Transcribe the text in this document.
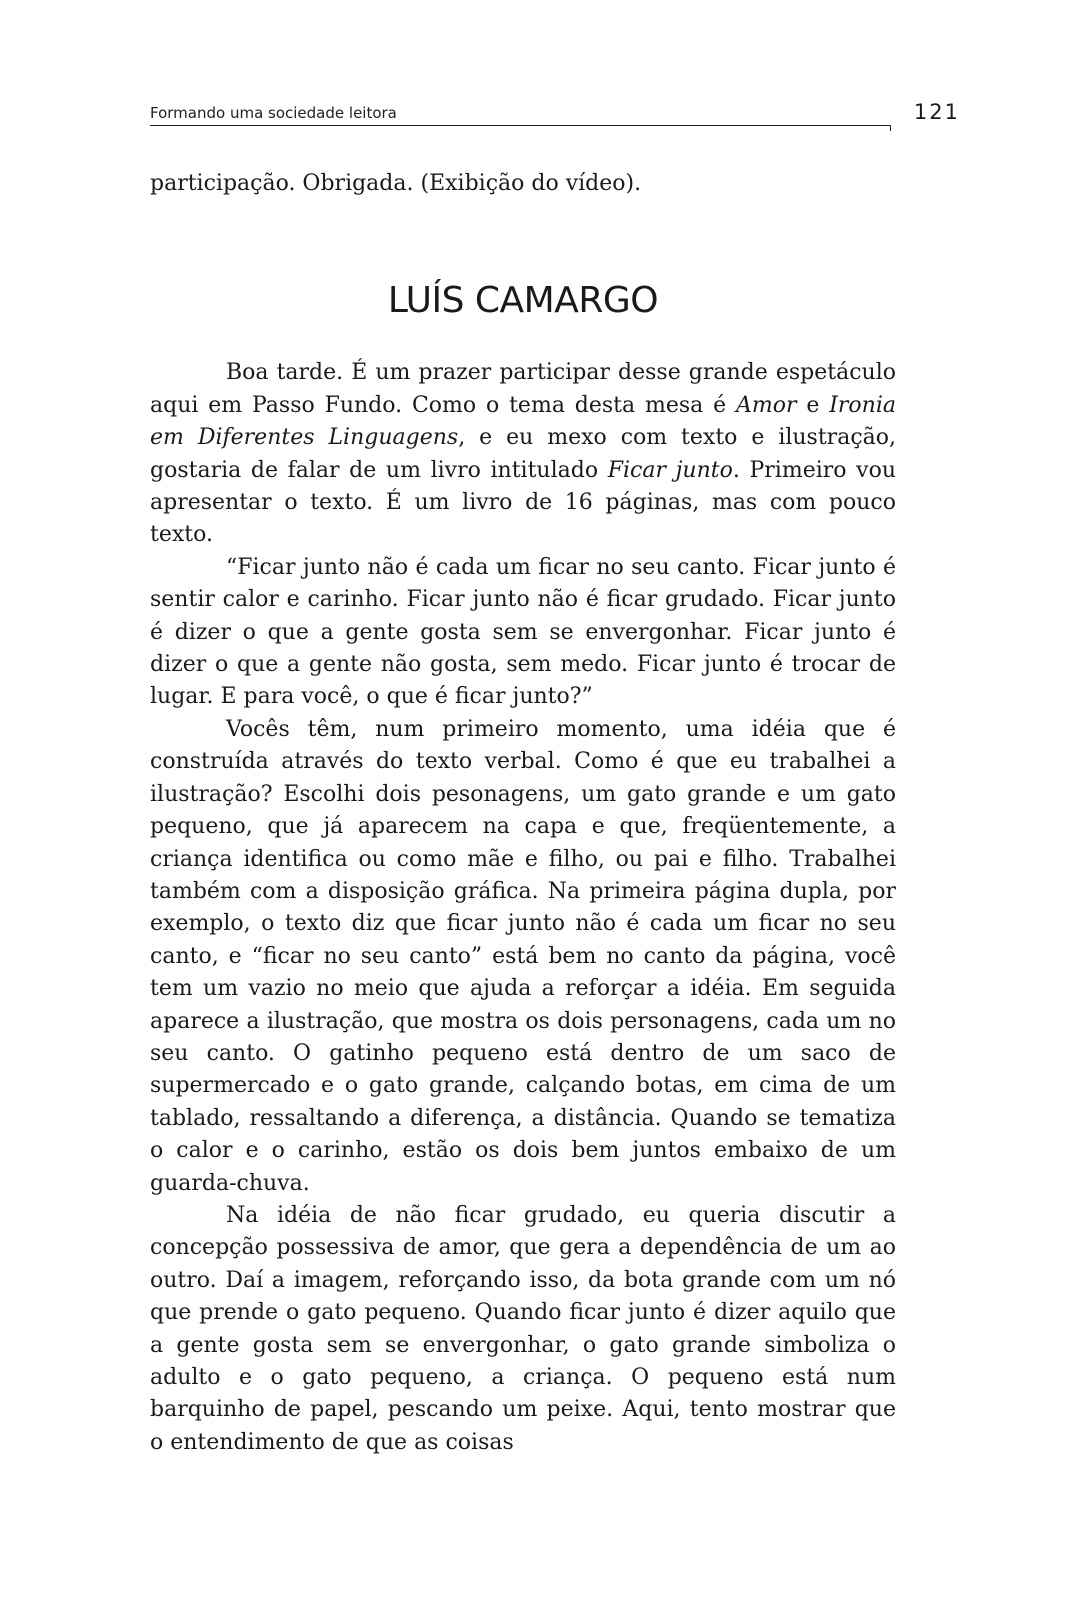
Formando uma sociedade leitora	121

participação. Obrigada. (Exibição do vídeo).

LUÍS CAMARGO

Boa tarde. É um prazer participar desse grande espetáculo aqui em Passo Fundo. Como o tema desta mesa é Amor e Ironia em Diferentes Linguagens, e eu mexo com texto e ilustração, gostaria de falar de um livro intitulado Ficar junto. Primeiro vou apresentar o texto. É um livro de 16 páginas, mas com pouco texto.

“Ficar junto não é cada um ficar no seu canto. Ficar junto é sentir calor e carinho. Ficar junto não é ficar grudado. Ficar junto é dizer o que a gente gosta sem se envergonhar. Ficar junto é dizer o que a gente não gosta, sem medo. Ficar junto é trocar de lugar. E para você, o que é ficar junto?”

Vocês têm, num primeiro momento, uma idéia que é construída através do texto verbal. Como é que eu trabalhei a ilustração? Escolhi dois pesonagens, um gato grande e um gato pequeno, que já aparecem na capa e que, freqüentemente, a criança identifica ou como mãe e filho, ou pai e filho. Trabalhei também com a disposição gráfica. Na primeira página dupla, por exemplo, o texto diz que ficar junto não é cada um ficar no seu canto, e “ficar no seu canto” está bem no canto da página, você tem um vazio no meio que ajuda a reforçar a idéia. Em seguida aparece a ilustração, que mostra os dois personagens, cada um no seu canto. O gatinho pequeno está dentro de um saco de supermercado e o gato grande, calçando botas, em cima de um tablado, ressaltando a diferença, a distância. Quando se tematiza o calor e o carinho, estão os dois bem juntos embaixo de um guarda-chuva.

Na idéia de não ficar grudado, eu queria discutir a concepção possessiva de amor, que gera a dependência de um ao outro. Daí a imagem, reforçando isso, da bota grande com um nó que prende o gato pequeno. Quando ficar junto é dizer aquilo que a gente gosta sem se envergonhar, o gato grande simboliza o adulto e o gato pequeno, a criança. O pequeno está num barquinho de papel, pescando um peixe. Aqui, tento mostrar que o entendimento de que as coisas
